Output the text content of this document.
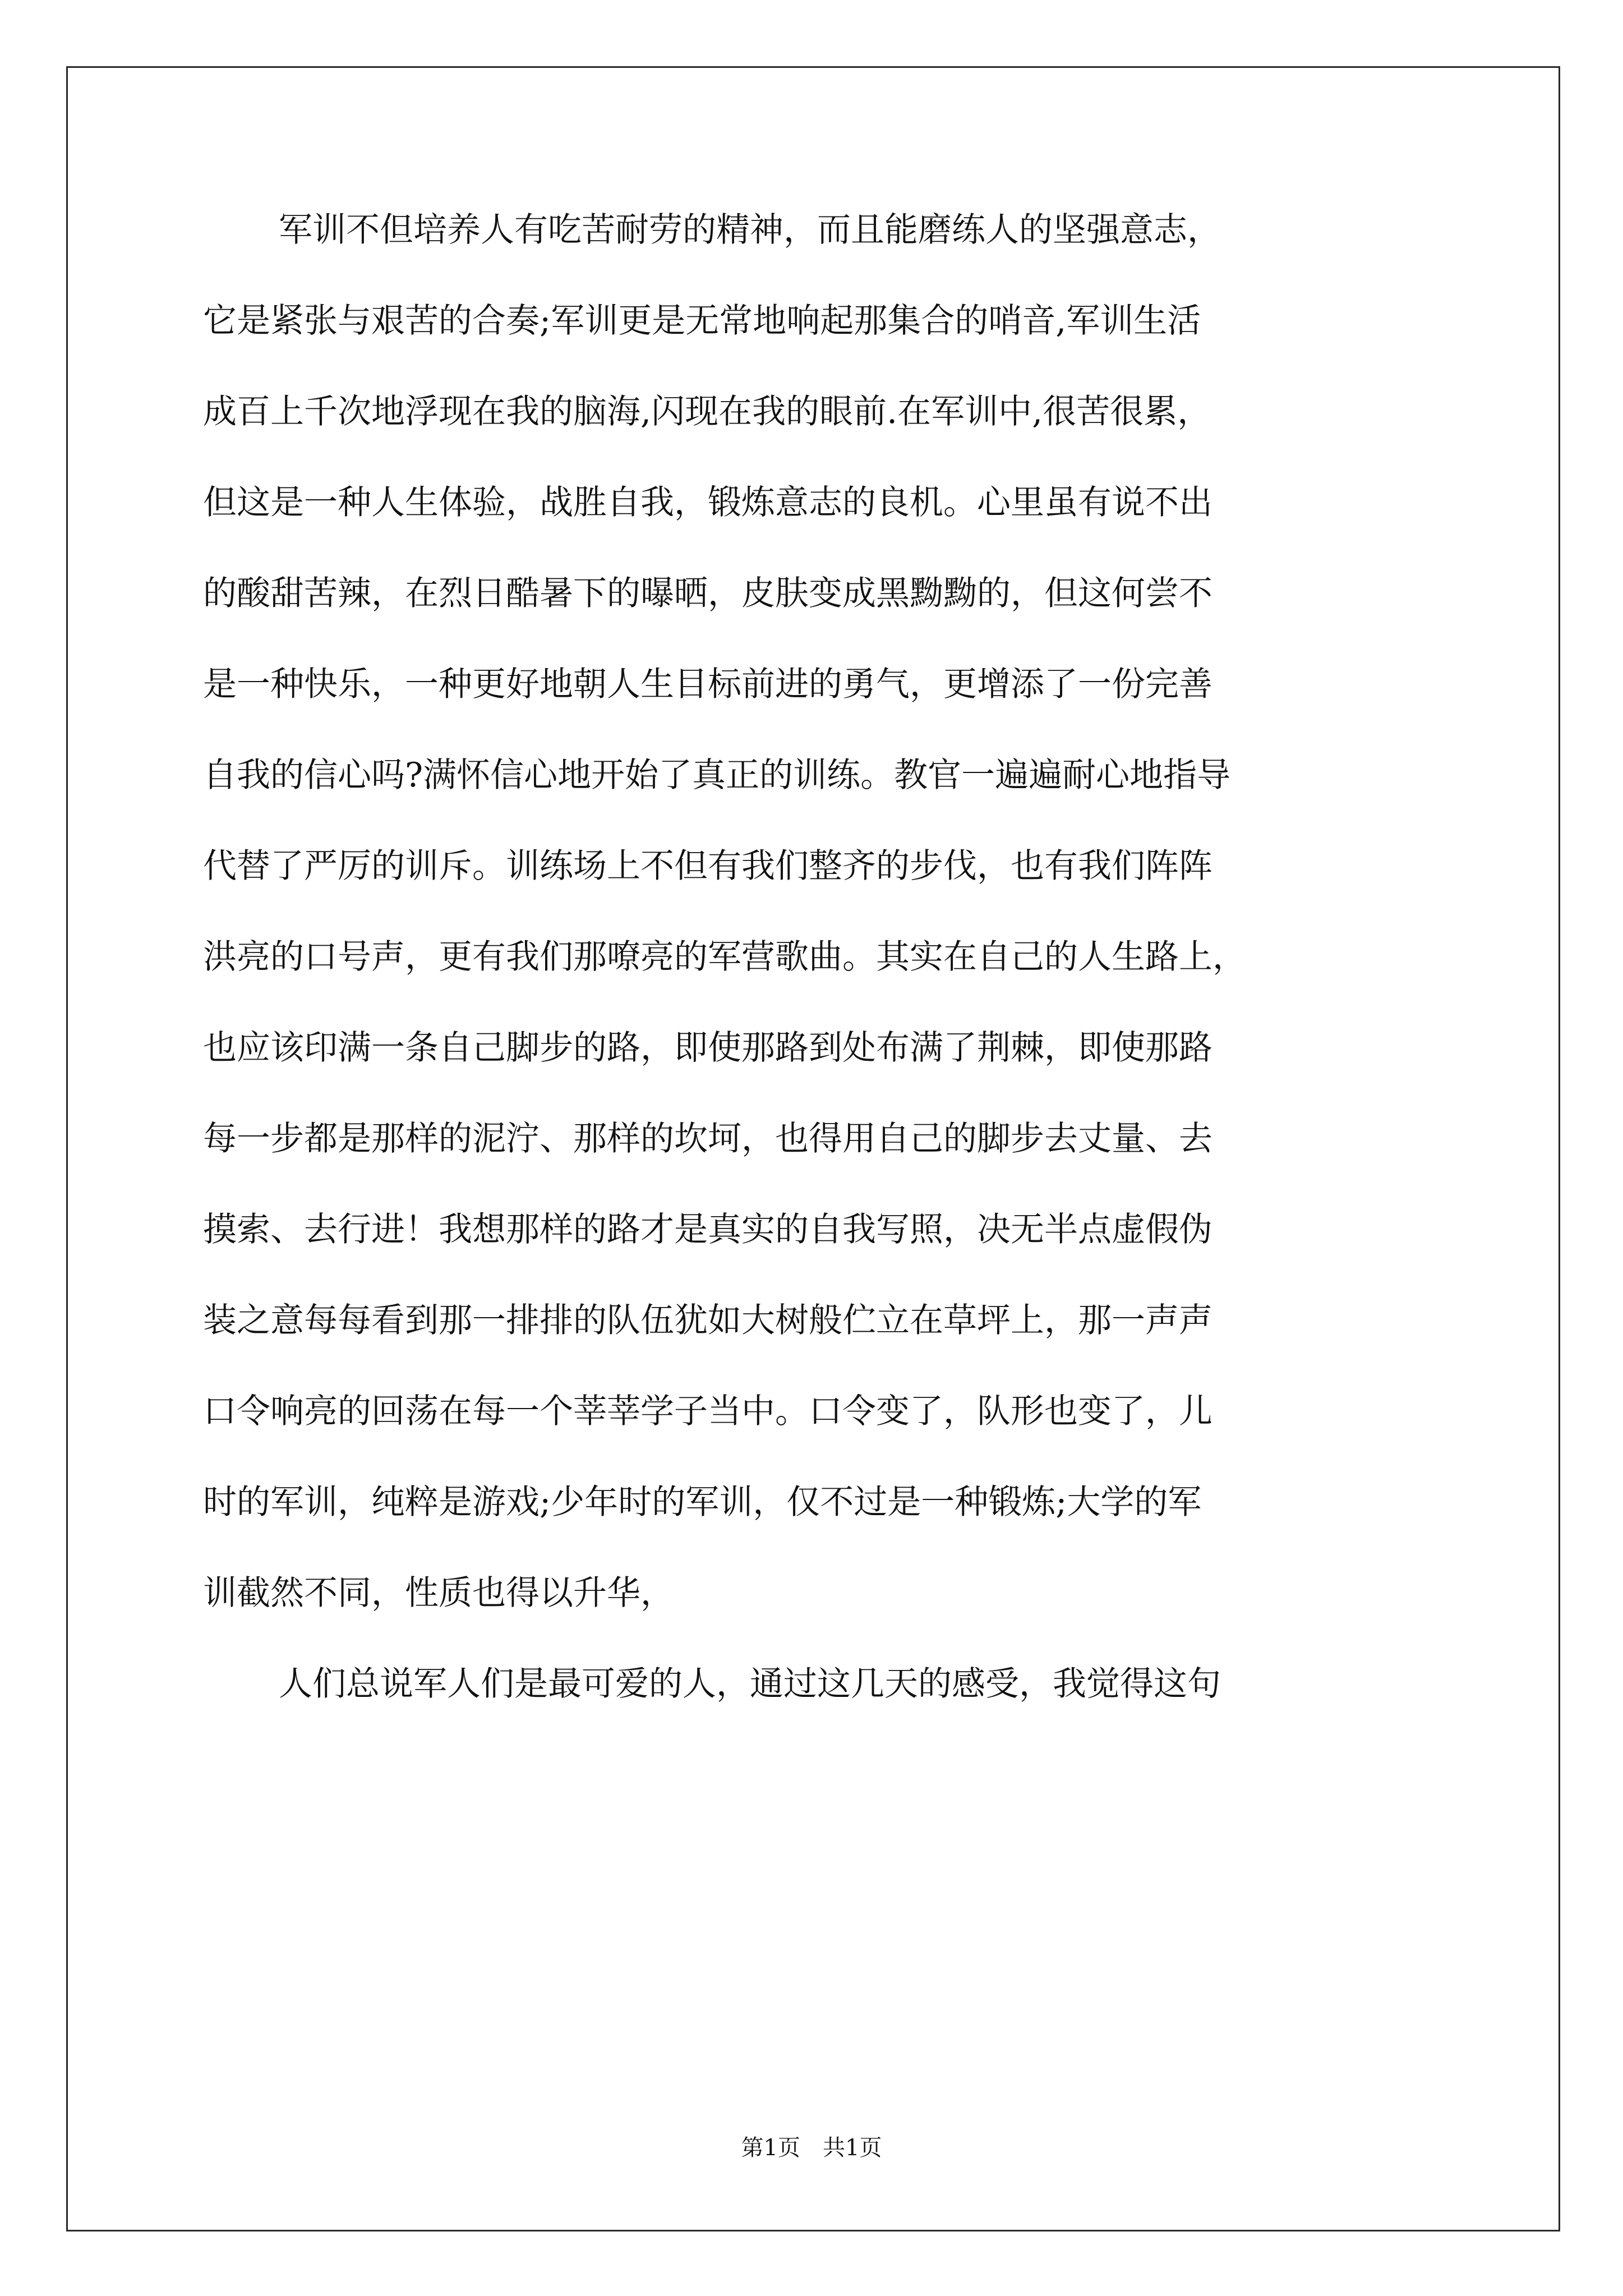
军训不但培养人有吃苦耐劳的精神，而且能磨练人的坚强意志，
它是紧张与艰苦的合奏;军训更是无常地响起那集合的哨音,军训生活
成百上千次地浮现在我的脑海,闪现在我的眼前.在军训中,很苦很累，
但这是一种人生体验，战胜自我，锻炼意志的良机。心里虽有说不出
的酸甜苦辣，在烈日酷暑下的曝晒，皮肤变成黑黝黝的，但这何尝不
是一种快乐，一种更好地朝人生目标前进的勇气，更增添了一份完善
自我的信心吗?满怀信心地开始了真正的训练。教官一遍遍耐心地指导
代替了严厉的训斥。训练场上不但有我们整齐的步伐，也有我们阵阵
洪亮的口号声，更有我们那嘹亮的军营歌曲。其实在自己的人生路上，
也应该印满一条自己脚步的路，即使那路到处布满了荆棘，即使那路
每一步都是那样的泥泞、那样的坎坷，也得用自己的脚步去丈量、去
摸索、去行进！我想那样的路才是真实的自我写照，决无半点虚假伪
装之意每每看到那一排排的队伍犹如大树般伫立在草坪上，那一声声
口令响亮的回荡在每一个莘莘学子当中。口令变了，队形也变了，儿
时的军训，纯粹是游戏;少年时的军训，仅不过是一种锻炼;大学的军
训截然不同，性质也得以升华，
人们总说军人们是最可爱的人，通过这几天的感受，我觉得这句
第1页　共1页
